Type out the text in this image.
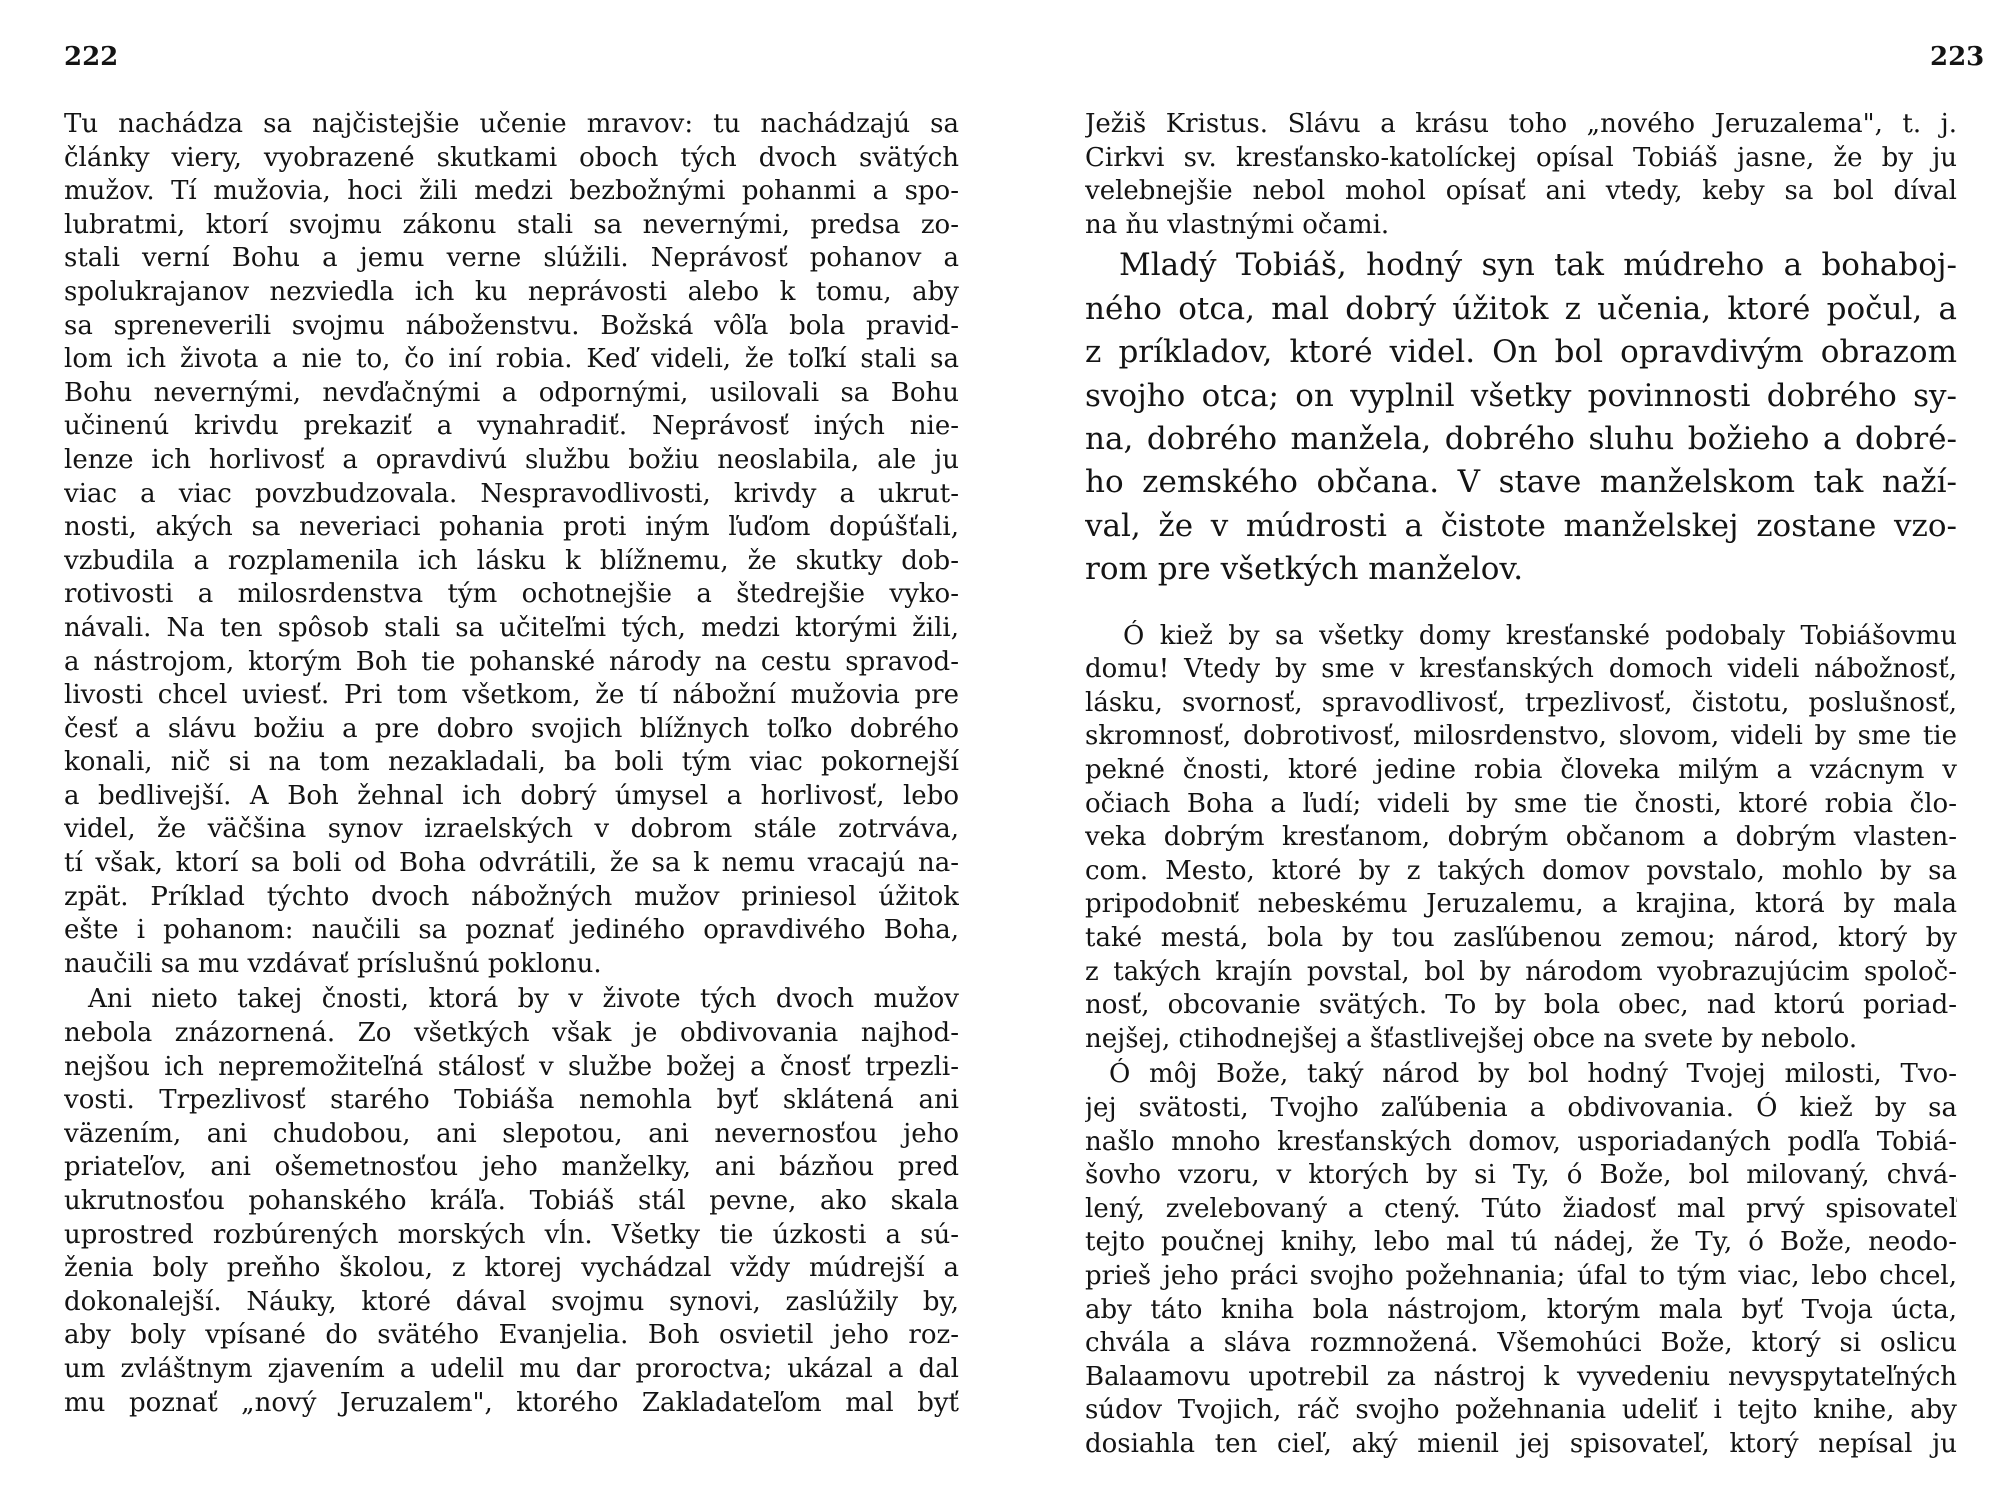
222	223
Tu nachádza sa najčistejšie učenie mravov: tu nachádzajú sa
články viery, vyobrazené skutkami oboch tých dvoch svätých
mužov. Tí mužovia, hoci žili medzi bezbožnými pohanmi a spo-
lubratmi, ktorí svojmu zákonu stali sa nevernými, predsa zo-
stali verní Bohu a jemu verne slúžili. Neprávosť pohanov a
spolukrajanov nezviedla ich ku neprávosti alebo k tomu, aby
sa spreneverili svojmu náboženstvu. Božská vôľa bola pravid-
lom ich života a nie to, čo iní robia. Keď videli, že toľkí stali sa
Bohu nevernými, nevďačnými a odpornými, usilovali sa Bohu
učinenú krivdu prekaziť a vynahradiť. Neprávosť iných nie-
lenze ich horlivosť a opravdivú službu božiu neoslabila, ale ju
viac a viac povzbudzovala. Nespravodlivosti, krivdy a ukrut-
nosti, akých sa neveriaci pohania proti iným ľuďom dopúšťali,
vzbudila a rozplamenila ich lásku k blížnemu, že skutky dob-
rotivosti a milosrdenstva tým ochotnejšie a štedrejšie vyko-
návali. Na ten spôsob stali sa učiteľmi tých, medzi ktorými žili,
a nástrojom, ktorým Boh tie pohanské národy na cestu spravod-
livosti chcel uviesť. Pri tom všetkom, že tí nábožní mužovia pre
česť a slávu božiu a pre dobro svojich blížnych toľko dobrého
konali, nič si na tom nezakladali, ba boli tým viac pokornejší
a bedlivejší. A Boh žehnal ich dobrý úmysel a horlivosť, lebo
videl, že väčšina synov izraelských v dobrom stále zotrváva,
tí však, ktorí sa boli od Boha odvrátili, že sa k nemu vracajú na-
zpät. Príklad týchto dvoch nábožných mužov priniesol úžitok
ešte i pohanom: naučili sa poznať jediného opravdivého Boha,
naučili sa mu vzdávať príslušnú poklonu.
Ani nieto takej čnosti, ktorá by v živote tých dvoch mužov
nebola znázornená. Zo všetkých však je obdivovania najhod-
nejšou ich nepremožiteľná stálosť v službe božej a čnosť trpezli-
vosti. Trpezlivosť starého Tobiáša nemohla byť sklátená ani
väzením, ani chudobou, ani slepotou, ani nevernosťou jeho
priateľov, ani ošemetnosťou jeho manželky, ani bázňou pred
ukrutnosťou pohanského kráľa. Tobiáš stál pevne, ako skala
uprostred rozbúrených morských vĺn. Všetky tie úzkosti a sú-
ženia boly preňho školou, z ktorej vychádzal vždy múdrejší a
dokonalejší. Náuky, ktoré dával svojmu synovi, zaslúžily by,
aby boly vpísané do svätého Evanjelia. Boh osvietil jeho roz-
um zvláštnym zjavením a udelil mu dar proroctva; ukázal a dal
mu poznať „nový Jeruzalem", ktorého Zakladateľom mal byť
Ježiš Kristus. Slávu a krásu toho „nového Jeruzalema", t. j.
Cirkvi sv. kresťansko-katolíckej opísal Tobiáš jasne, že by ju
velebnejšie nebol mohol opísať ani vtedy, keby sa bol díval
na ňu vlastnými očami.
Mladý Tobiáš, hodný syn tak múdreho a bohaboj-
ného otca, mal dobrý úžitok z učenia, ktoré počul, a
z príkladov, ktoré videl. On bol opravdivým obrazom
svojho otca; on vyplnil všetky povinnosti dobrého sy-
na, dobrého manžela, dobrého sluhu božieho a dobré-
ho zemského občana. V stave manželskom tak naží-
val, že v múdrosti a čistote manželskej zostane vzo-
rom pre všetkých manželov.
Ó kiež by sa všetky domy kresťanské podobaly Tobiášovmu
domu! Vtedy by sme v kresťanských domoch videli nábožnosť,
lásku, svornosť, spravodlivosť, trpezlivosť, čistotu, poslušnosť,
skromnosť, dobrotivosť, milosrdenstvo, slovom, videli by sme tie
pekné čnosti, ktoré jedine robia človeka milým a vzácnym v
očiach Boha a ľudí; videli by sme tie čnosti, ktoré robia člo-
veka dobrým kresťanom, dobrým občanom a dobrým vlasten-
com. Mesto, ktoré by z takých domov povstalo, mohlo by sa
pripodobniť nebeskému Jeruzalemu, a krajina, ktorá by mala
také mestá, bola by tou zasľúbenou zemou; národ, ktorý by
z takých krajín povstal, bol by národom vyobrazujúcim spoloč-
nosť, obcovanie svätých. To by bola obec, nad ktorú poriad-
nejšej, ctihodnejšej a šťastlivejšej obce na svete by nebolo.
Ó môj Bože, taký národ by bol hodný Tvojej milosti, Tvo-
jej svätosti, Tvojho zaľúbenia a obdivovania. Ó kiež by sa
našlo mnoho kresťanských domov, usporiadaných podľa Tobiá-
šovho vzoru, v ktorých by si Ty, ó Bože, bol milovaný, chvá-
lený, zvelebovaný a ctený. Túto žiadosť mal prvý spisovateľ
tejto poučnej knihy, lebo mal tú nádej, že Ty, ó Bože, neodo-
prieš jeho práci svojho požehnania; úfal to tým viac, lebo chcel,
aby táto kniha bola nástrojom, ktorým mala byť Tvoja úcta,
chvála a sláva rozmnožená. Všemohúci Bože, ktorý si oslicu
Balaamovu upotrebil za nástroj k vyvedeniu nevyspytateľných
súdov Tvojich, ráč svojho požehnania udeliť i tejto knihe, aby
dosiahla ten cieľ, aký mienil jej spisovateľ, ktorý nepísal ju
